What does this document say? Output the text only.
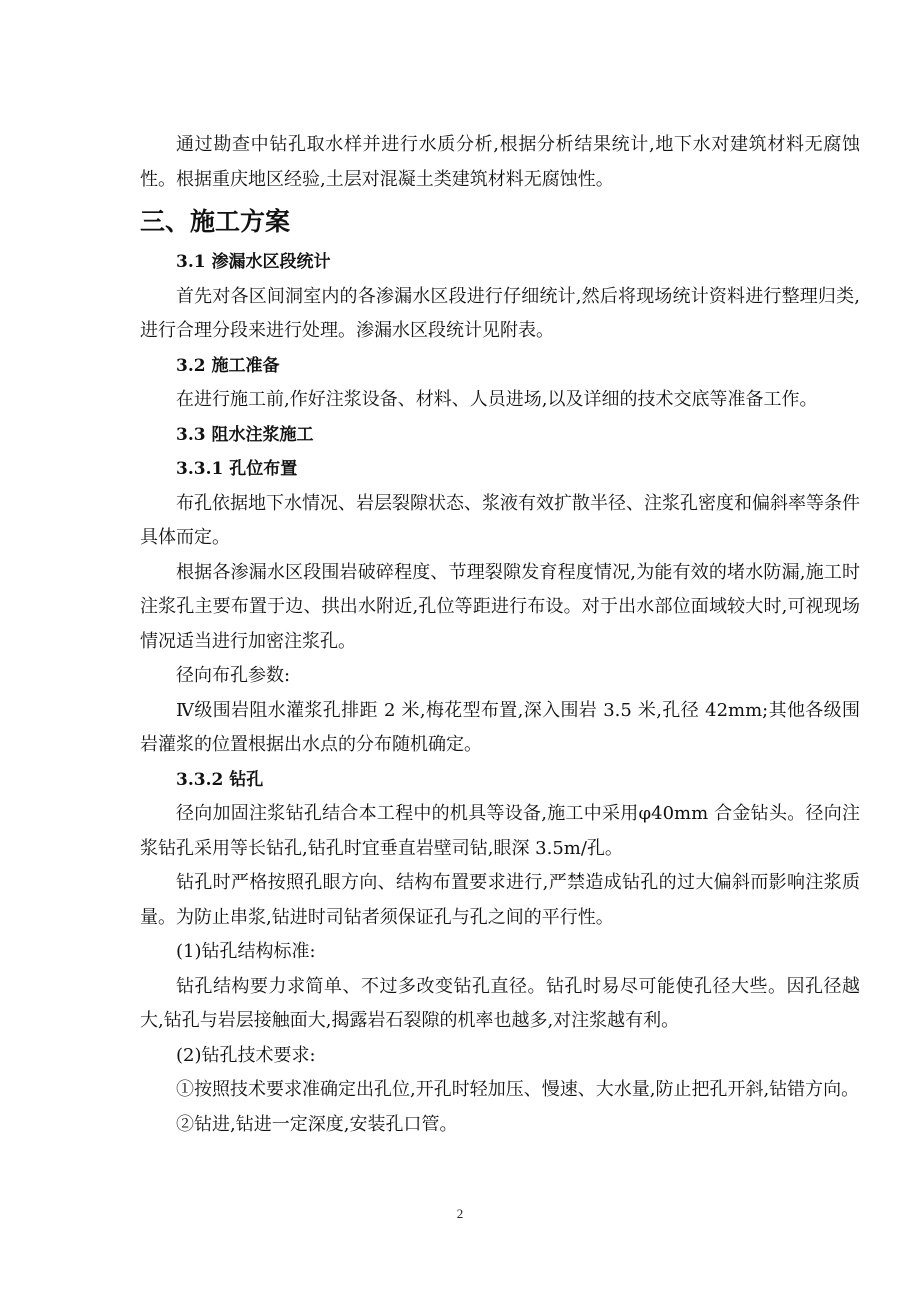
通过勘查中钻孔取水样并进行水质分析,根据分析结果统计,地下水对建筑材料无腐蚀性。根据重庆地区经验,土层对混凝土类建筑材料无腐蚀性。

三、施工方案

3.1 渗漏水区段统计

首先对各区间洞室内的各渗漏水区段进行仔细统计,然后将现场统计资料进行整理归类,进行合理分段来进行处理。渗漏水区段统计见附表。

3.2 施工准备

在进行施工前,作好注浆设备、材料、人员进场,以及详细的技术交底等准备工作。

3.3 阻水注浆施工

3.3.1 孔位布置

布孔依据地下水情况、岩层裂隙状态、浆液有效扩散半径、注浆孔密度和偏斜率等条件具体而定。

根据各渗漏水区段围岩破碎程度、节理裂隙发育程度情况,为能有效的堵水防漏,施工时注浆孔主要布置于边、拱出水附近,孔位等距进行布设。对于出水部位面域较大时,可视现场情况适当进行加密注浆孔。

径向布孔参数:

Ⅳ级围岩阻水灌浆孔排距 2 米,梅花型布置,深入围岩 3.5 米,孔径 42mm;其他各级围岩灌浆的位置根据出水点的分布随机确定。

3.3.2 钻孔

径向加固注浆钻孔结合本工程中的机具等设备,施工中采用φ40mm 合金钻头。径向注浆钻孔采用等长钻孔,钻孔时宜垂直岩壁司钻,眼深 3.5m/孔。

钻孔时严格按照孔眼方向、结构布置要求进行,严禁造成钻孔的过大偏斜而影响注浆质量。为防止串浆,钻进时司钻者须保证孔与孔之间的平行性。

(1)钻孔结构标准:

钻孔结构要力求简单、不过多改变钻孔直径。钻孔时易尽可能使孔径大些。因孔径越大,钻孔与岩层接触面大,揭露岩石裂隙的机率也越多,对注浆越有利。

(2)钻孔技术要求:

①按照技术要求准确定出孔位,开孔时轻加压、慢速、大水量,防止把孔开斜,钻错方向。

②钻进,钻进一定深度,安装孔口管。

2
